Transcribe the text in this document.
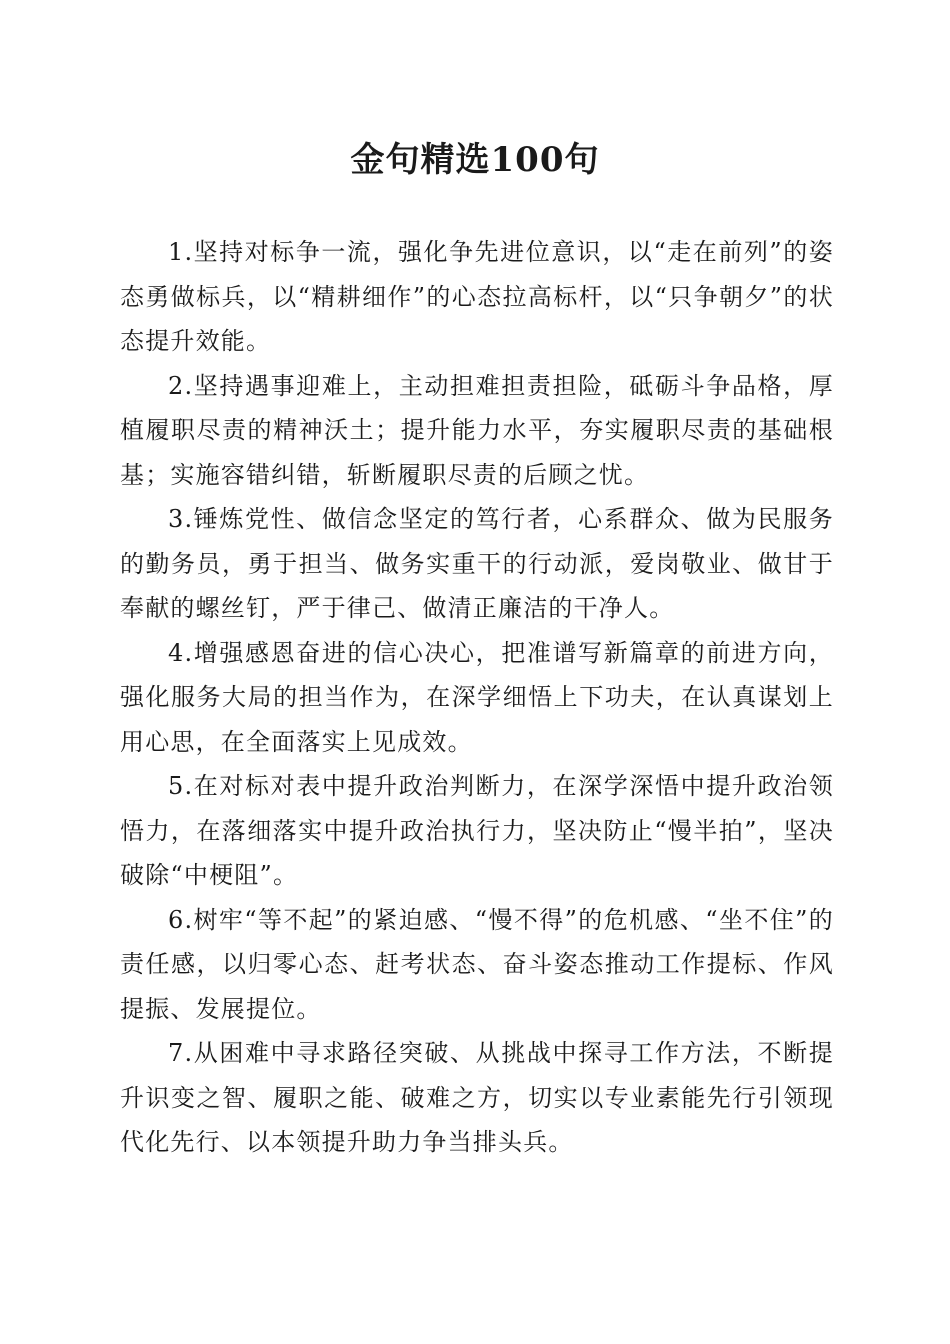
金句精选100句

1.坚持对标争一流，强化争先进位意识，以“走在前列”的姿态勇做标兵，以“精耕细作”的心态拉高标杆，以“只争朝夕”的状态提升效能。

2.坚持遇事迎难上，主动担难担责担险，砥砺斗争品格，厚植履职尽责的精神沃土；提升能力水平，夯实履职尽责的基础根基；实施容错纠错，斩断履职尽责的后顾之忧。

3.锤炼党性、做信念坚定的笃行者，心系群众、做为民服务的勤务员，勇于担当、做务实重干的行动派，爱岗敬业、做甘于奉献的螺丝钉，严于律己、做清正廉洁的干净人。

4.增强感恩奋进的信心决心，把准谱写新篇章的前进方向，强化服务大局的担当作为，在深学细悟上下功夫，在认真谋划上用心思，在全面落实上见成效。

5.在对标对表中提升政治判断力，在深学深悟中提升政治领悟力，在落细落实中提升政治执行力，坚决防止“慢半拍”，坚决破除“中梗阻”。

6.树牢“等不起”的紧迫感、“慢不得”的危机感、“坐不住”的责任感，以归零心态、赶考状态、奋斗姿态推动工作提标、作风提振、发展提位。

7.从困难中寻求路径突破、从挑战中探寻工作方法，不断提升识变之智、履职之能、破难之方，切实以专业素能先行引领现代化先行、以本领提升助力争当排头兵。
